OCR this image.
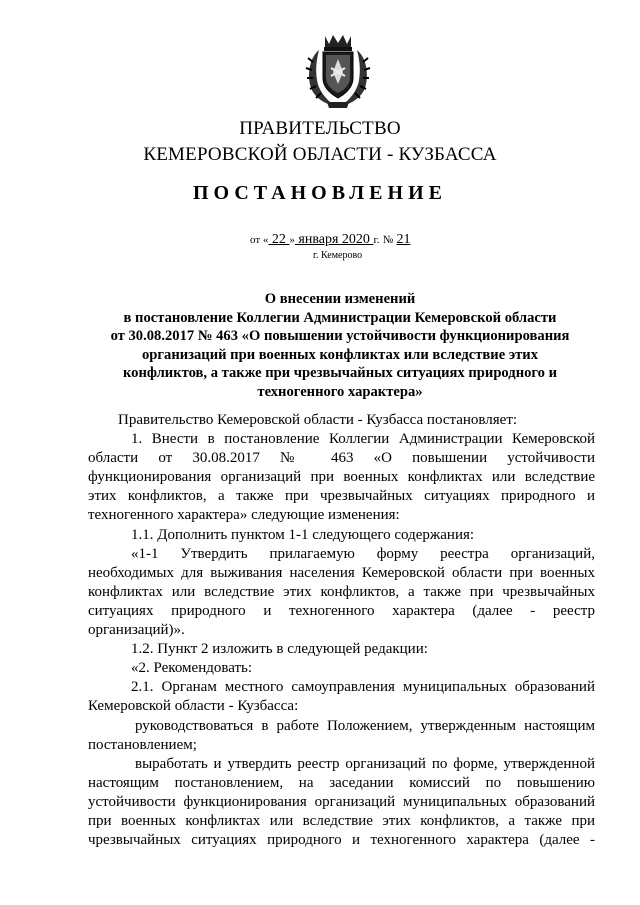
ПРАВИТЕЛЬСТВО
КЕМЕРОВСКОЙ ОБЛАСТИ - КУЗБАССА
ПОСТАНОВЛЕНИЕ
от « 22 » января 2020 г. № 21
г. Кемерово
О внесении изменений
в постановление Коллегии Администрации Кемеровской области
от 30.08.2017 № 463 «О повышении устойчивости функционирования
организаций при военных конфликтах или вследствие этих
конфликтов, а также при чрезвычайных ситуациях природного и
техногенного характера»
Правительство Кемеровской области - Кузбасса постановляет:
1. Внести в постановление Коллегии Администрации Кемеровской
области от 30.08.2017 № 463 «О повышении устойчивости
функционирования организаций при военных конфликтах или вследствие
этих конфликтов, а также при чрезвычайных ситуациях природного и
техногенного характера» следующие изменения:
1.1. Дополнить пунктом 1-1 следующего содержания:
«1-1 Утвердить прилагаемую форму реестра организаций,
необходимых для выживания населения Кемеровской области при военных
конфликтах или вследствие этих конфликтов, а также при чрезвычайных
ситуациях природного и техногенного характера (далее - реестр
организаций)».
1.2. Пункт 2 изложить в следующей редакции:
«2. Рекомендовать:
2.1. Органам местного самоуправления муниципальных образований
Кемеровской области - Кузбасса:
руководствоваться в работе Положением, утвержденным настоящим
постановлением;
выработать и утвердить реестр организаций по форме, утвержденной
настоящим постановлением, на заседании комиссий по повышению
устойчивости функционирования организаций муниципальных образований
при военных конфликтах или вследствие этих конфликтов, а также при
чрезвычайных ситуациях природного и техногенного характера (далее -
